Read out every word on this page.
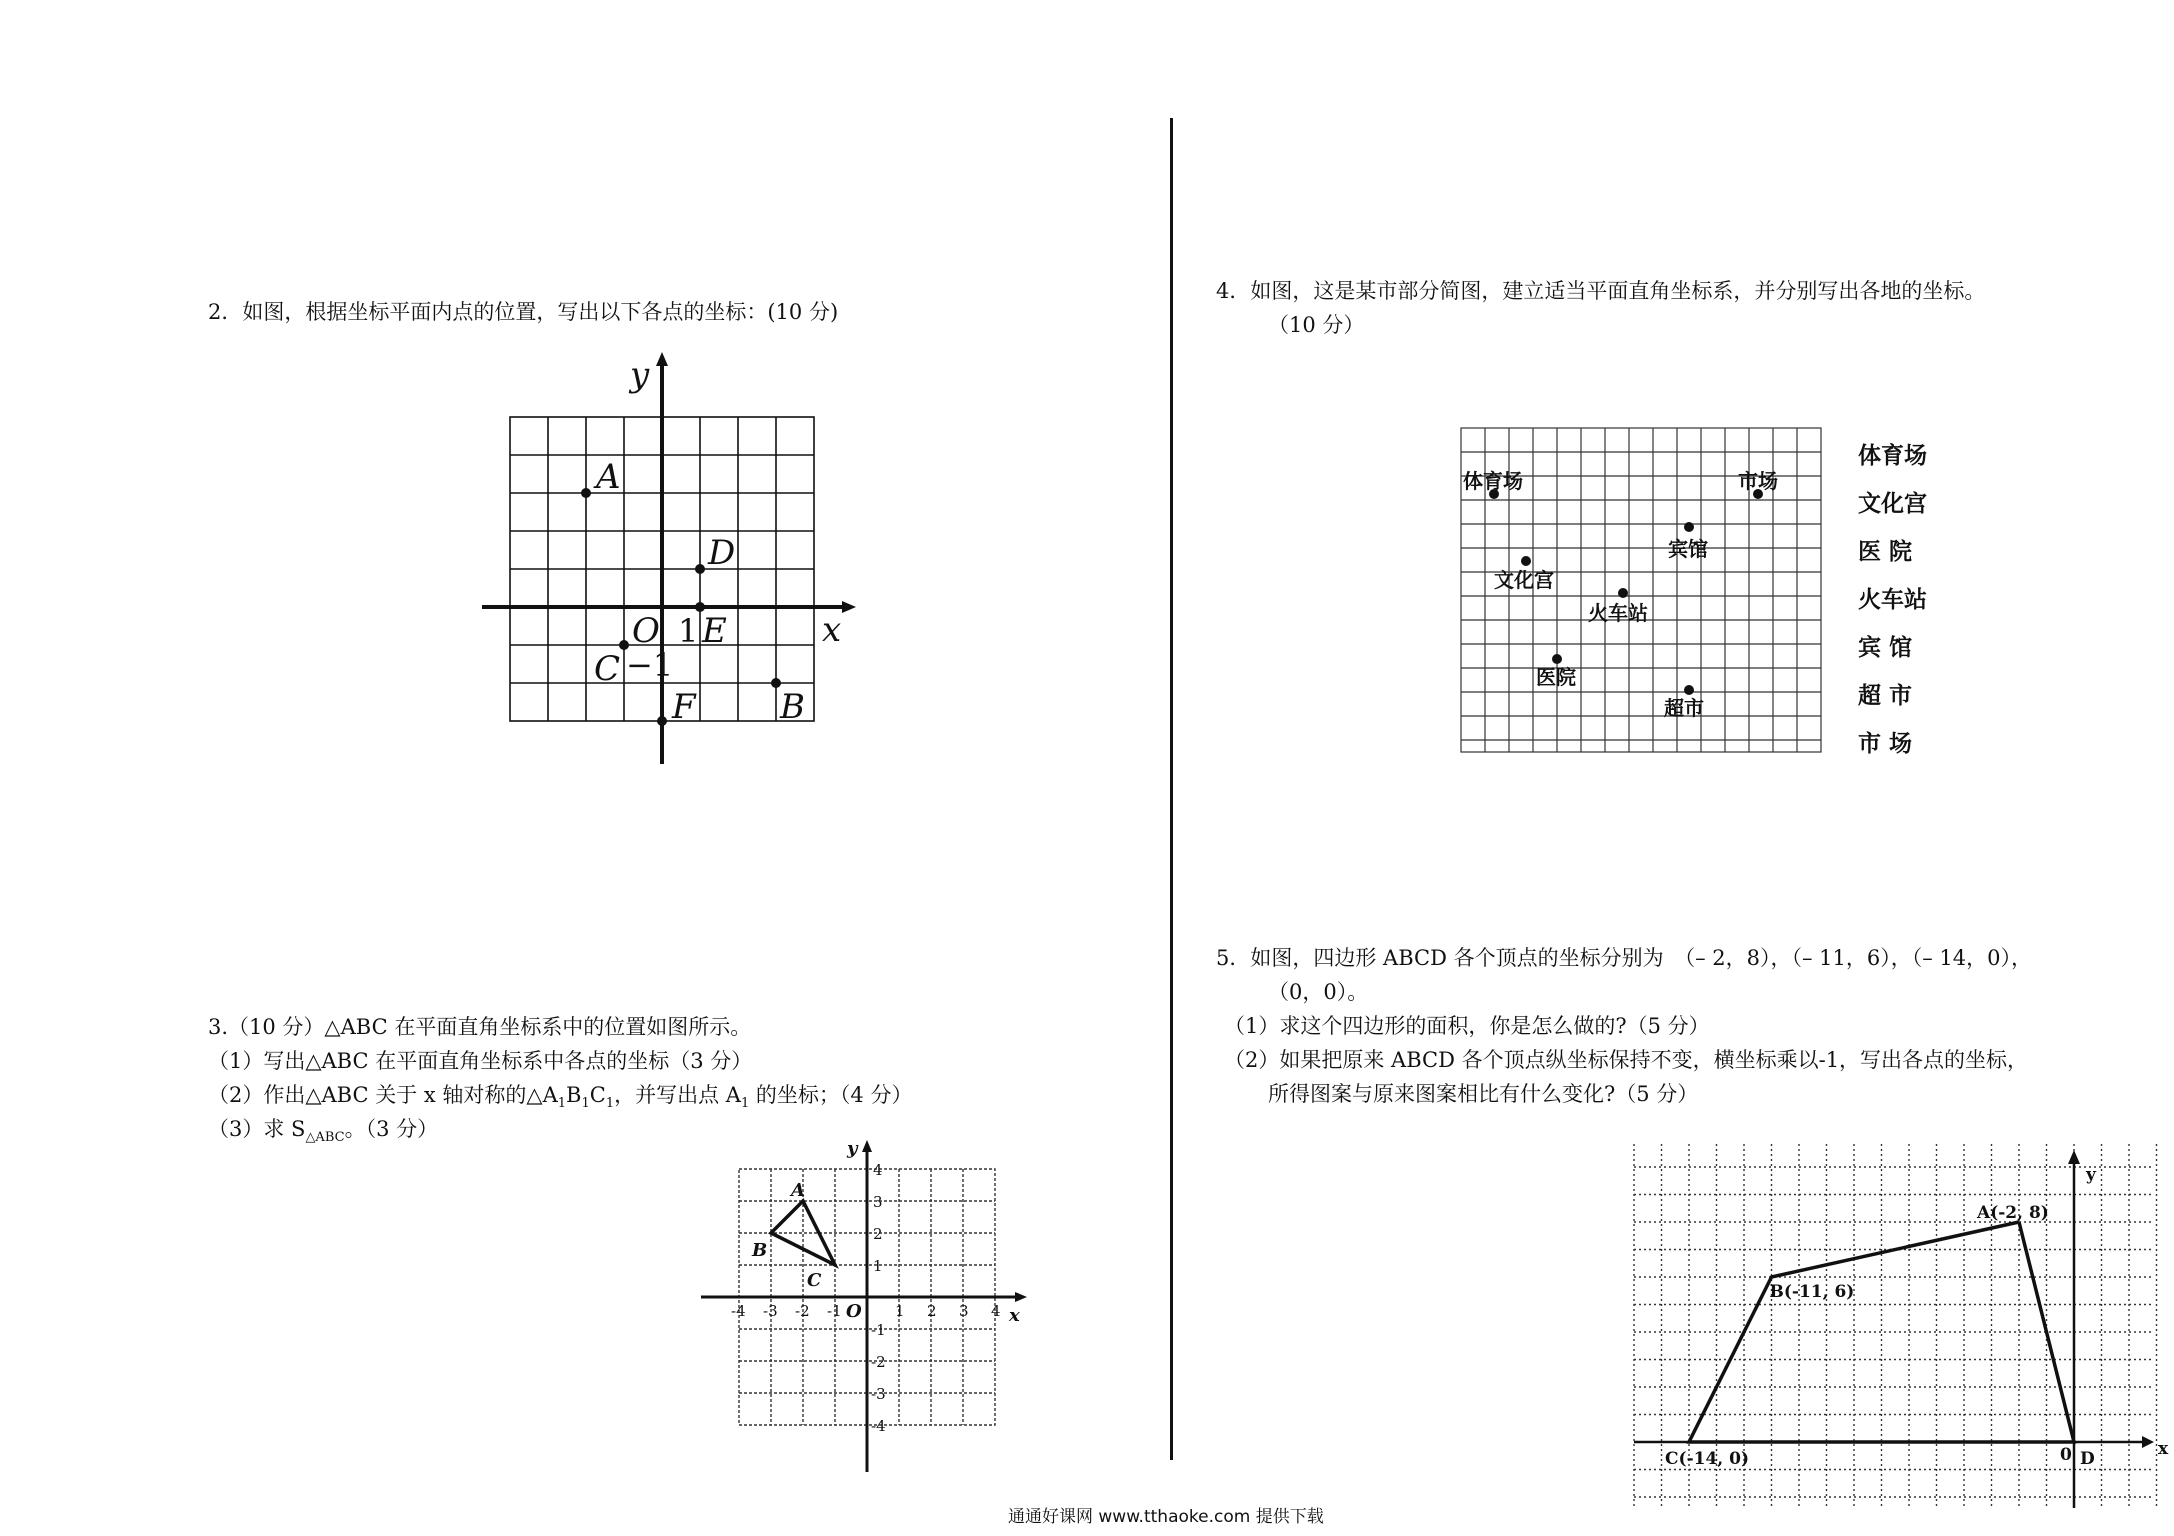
2．如图，根据坐标平面内点的位置，写出以下各点的坐标：(10 分)
y
x
A
D
O E
C
B
F
1
−1
3.（10 分）△ABC 在平面直角坐标系中的位置如图所示。
（1）写出△ABC 在平面直角坐标系中各点的坐标（3 分）
（2）作出△ABC 关于 x 轴对称的$\triangle A_1B_1C_1$，并写出点 $A_1$ 的坐标；（4 分）
（3）求 $S_{\triangle ABC}$。（3 分）
y
x
O
A
B
C
-4 -3 -2 -1	1 2 3 4
4
3
2
1
-1
-2
-3
-4
4．如图，这是某市部分简图，建立适当平面直角坐标系，并分别写出各地的坐标。
（10 分）
体育场	市场
宾馆
文化宫
火车站
医院
超市
体育场
文化宫
医 院
火车站
宾 馆
超 市
市 场
5．如图，四边形 ABCD 各个顶点的坐标分别为　（– 2，8），（– 11，6），（– 14，0），
（0，0）。
（1）求这个四边形的面积，你是怎么做的?（5 分）
（2）如果把原来 ABCD 各个顶点纵坐标保持不变，横坐标乘以-1，写出各点的坐标，
所得图案与原来图案相比有什么变化?（5 分）
A(-2, 8)
B(-11, 6)
C(-14, 0)	0 D	x
y
通通好课网 www.tthaoke.com 提供下载
